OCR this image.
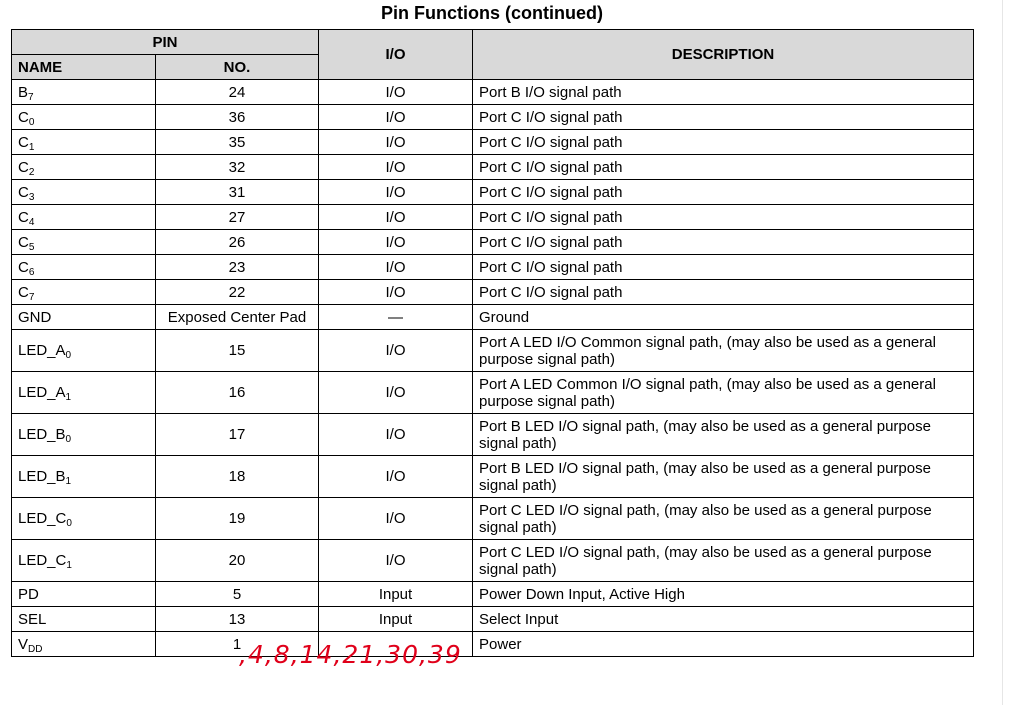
Pin Functions (continued)
PIN		I/O	DESCRIPTION
NAME	NO.		
$B_7$	24	I/O	Port B I/O signal path
$C_0$	36	I/O	Port C I/O signal path
$C_1$	35	I/O	Port C I/O signal path
$C_2$	32	I/O	Port C I/O signal path
$C_3$	31	I/O	Port C I/O signal path
$C_4$	27	I/O	Port C I/O signal path
$C_5$	26	I/O	Port C I/O signal path
$C_6$	23	I/O	Port C I/O signal path
$C_7$	22	I/O	Port C I/O signal path
GND	Exposed Center Pad	—	Ground
$LED\_A_0$	15	I/O	Port A LED I/O Common signal path, (may also be used as a general purpose signal path)
$LED\_A_1$	16	I/O	Port A LED Common I/O signal path, (may also be used as a general purpose signal path)
$LED\_B_0$	17	I/O	Port B LED I/O signal path, (may also be used as a general purpose signal path)
$LED\_B_1$	18	I/O	Port B LED I/O signal path, (may also be used as a general purpose signal path)
$LED\_C_0$	19	I/O	Port C LED I/O signal path, (may also be used as a general purpose signal path)
$LED\_C_1$	20	I/O	Port C LED I/O signal path, (may also be used as a general purpose signal path)
PD	5	Input	Power Down Input, Active High
SEL	13	Input	Select Input
$V_{DD}$	1		Power
,4,8,14,21,30,39
